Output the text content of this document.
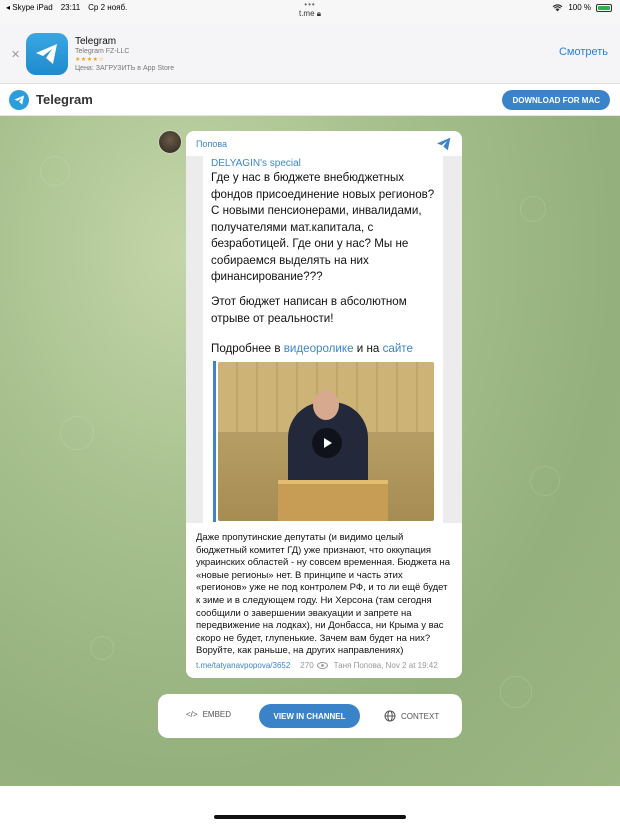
◂ Skype iPad 23:11 Ср 2 нояб.	•••
t.me 🔒︎
100 %
✕
Telegram
Telegram FZ-LLC
★★★★☆
Цена: ЗАГРУЗИТЬ в App Store
Смотреть
Telegram	DOWNLOAD FOR MAC
Попова
DELYAGIN's special
Где у нас в бюджете внебюджетных фондов присоединение новых регионов? С новыми пенсионерами, инвалидами, получателями мат.капитала, с безработицей. Где они у нас? Мы не собираемся выделять на них финансирование???
Этот бюджет написан в абсолютном отрыве от реальности!
Подробнее в видеоролике и на сайте
Даже пропутинские депутаты (и видимо целый бюджетный комитет ГД) уже признают, что оккупация украинских областей - ну совсем временная. Бюджета на «новые регионы» нет. В принципе и часть этих «регионов» уже не под контролем РФ, и то ли ещё будет к зиме и в следующем году. Ни Херсона (там сегодня сообщили о завершении эвакуации и запрете на передвижение на лодках), ни Донбасса, ни Крыма у вас скоро не будет, глупенькие. Зачем вам будет на них? Воруйте, как раньше, на других направлениях)
t.me/tatyanavpopova/3652 270	Таня Попова, Nov 2 at 19:42
</> EMBED	VIEW IN CHANNEL	CONTEXT
